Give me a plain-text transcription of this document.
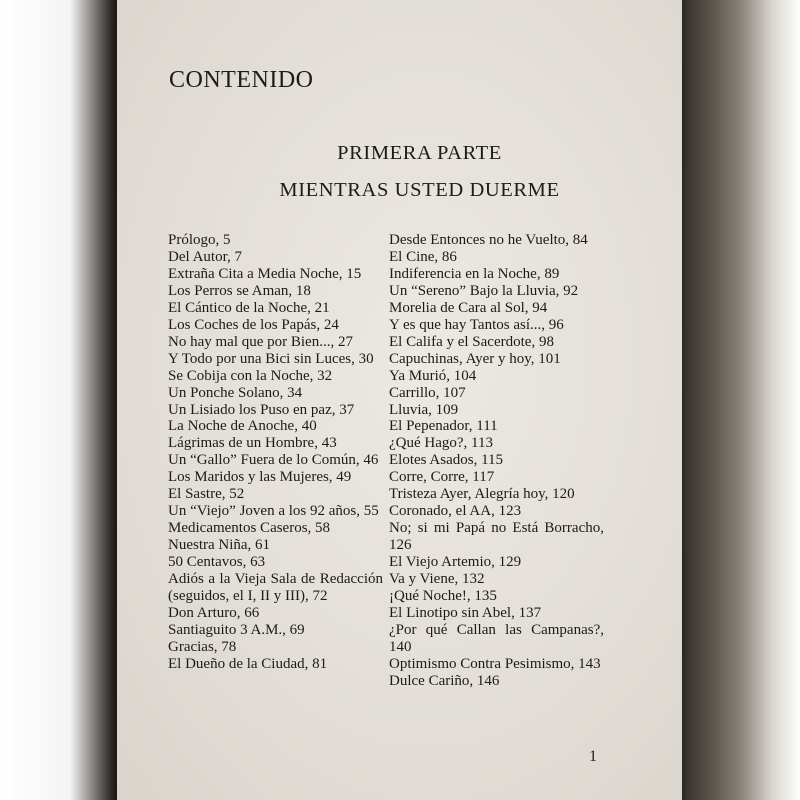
CONTENIDO
PRIMERA PARTE
MIENTRAS USTED DUERME
Prólogo, 5
Del Autor, 7
Extraña Cita a Media Noche, 15
Los Perros se Aman, 18
El Cántico de la Noche, 21
Los Coches de los Papás, 24
No hay mal que por Bien..., 27
Y Todo por una Bici sin Luces, 30
Se Cobija con la Noche, 32
Un Ponche Solano, 34
Un Lisiado los Puso en paz, 37
La Noche de Anoche, 40
Lágrimas de un Hombre, 43
Un “Gallo” Fuera de lo Común, 46
Los Maridos y las Mujeres, 49
El Sastre, 52
Un “Viejo” Joven a los 92 años, 55
Medicamentos Caseros, 58
Nuestra Niña, 61
50 Centavos, 63
Adiós a la Vieja Sala de Redacción (seguidos, el I, II y III), 72
Don Arturo, 66
Santiaguito 3 A.M., 69
Gracias, 78
El Dueño de la Ciudad, 81
Desde Entonces no he Vuelto, 84
El Cine, 86
Indiferencia en la Noche, 89
Un “Sereno” Bajo la Lluvia, 92
Morelia de Cara al Sol, 94
Y es que hay Tantos así..., 96
El Califa y el Sacerdote, 98
Capuchinas, Ayer y hoy, 101
Ya Murió, 104
Carrillo, 107
Lluvia, 109
El Pepenador, 111
¿Qué Hago?, 113
Elotes Asados, 115
Corre, Corre, 117
Tristeza Ayer, Alegría hoy, 120
Coronado, el AA, 123
No; si mi Papá no Está Borracho, 126
El Viejo Artemio, 129
Va y Viene, 132
¡Qué Noche!, 135
El Linotipo sin Abel, 137
¿Por qué Callan las Campanas?, 140
Optimismo Contra Pesimismo, 143
Dulce Cariño, 146
1
